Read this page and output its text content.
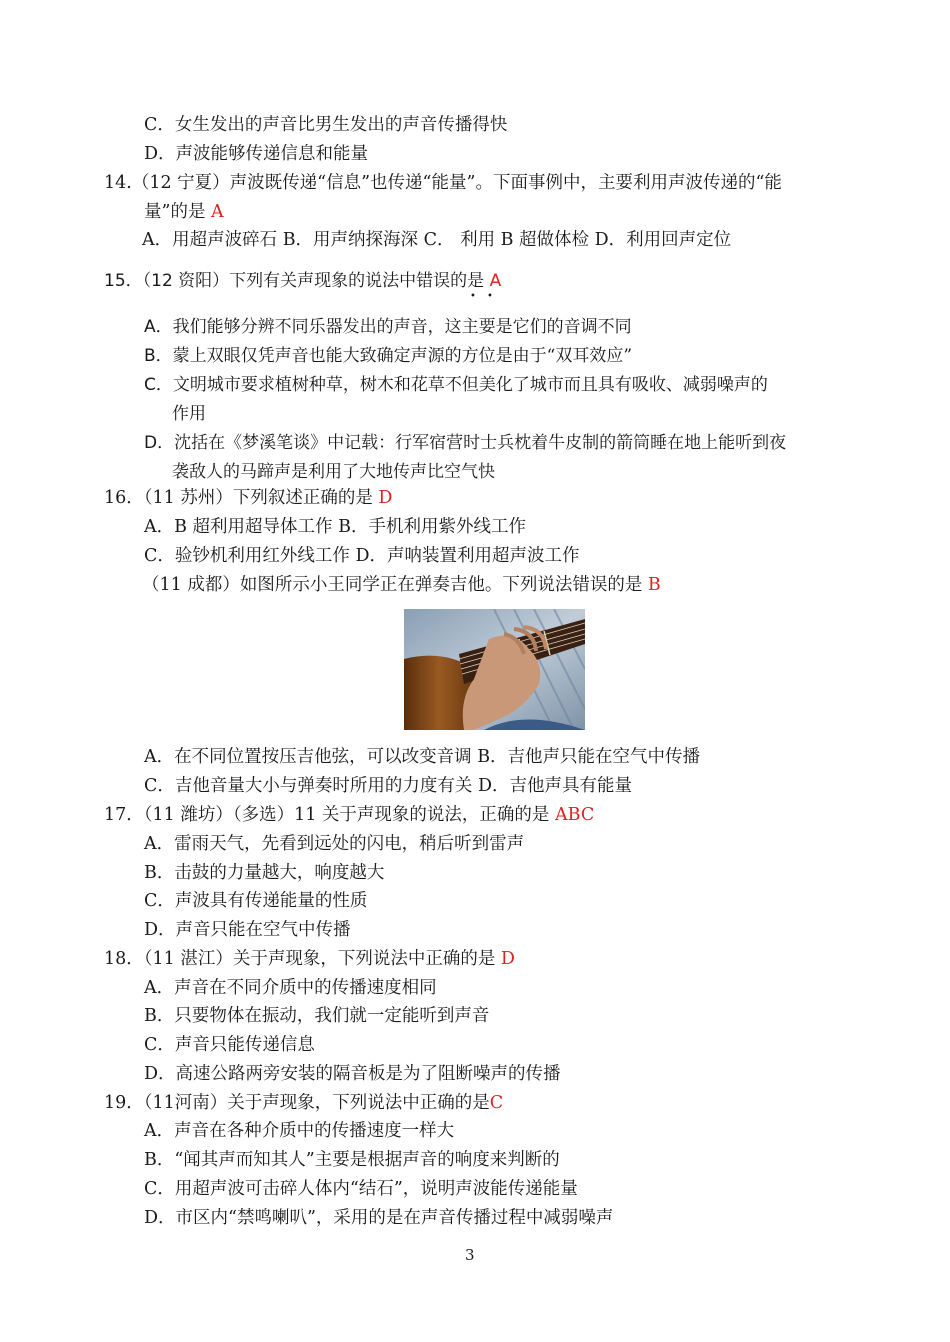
C．女生发出的声音比男生发出的声音传播得快
D．声波能够传递信息和能量
14.（12 宁夏）声波既传递“信息”也传递“能量”。下面事例中，主要利用声波传递的“能
量”的是 A
A．用超声波碎石 B．用声纳探海深 C． 利用 B 超做体检 D．利用回声定位
15．（12 资阳）下列有关声现象的说法中错误的是 A
• •
A．我们能够分辨不同乐器发出的声音，这主要是它们的音调不同
B．蒙上双眼仅凭声音也能大致确定声源的方位是由于“双耳效应”
C．文明城市要求植树种草，树木和花草不但美化了城市而且具有吸收、减弱噪声的
作用
D．沈括在《梦溪笔谈》中记载：行军宿营时士兵枕着牛皮制的箭筒睡在地上能听到夜
袭敌人的马蹄声是利用了大地传声比空气快
16．（11 苏州）下列叙述正确的是 D
A．B 超利用超导体工作 B．手机利用紫外线工作
C．验钞机利用红外线工作 D．声呐装置利用超声波工作
（11 成都）如图所示小王同学正在弹奏吉他。下列说法错误的是 B
A．在不同位置按压吉他弦，可以改变音调 B．吉他声只能在空气中传播
C．吉他音量大小与弹奏时所用的力度有关 D．吉他声具有能量
17．（11 潍坊）（多选）11 关于声现象的说法，正确的是 ABC
A．雷雨天气，先看到远处的闪电，稍后听到雷声
B．击鼓的力量越大，响度越大
C．声波具有传递能量的性质
D．声音只能在空气中传播
18．（11 湛江）关于声现象，下列说法中正确的是 D
A．声音在不同介质中的传播速度相同
B．只要物体在振动，我们就一定能听到声音
C．声音只能传递信息
D．高速公路两旁安装的隔音板是为了阻断噪声的传播
19．（11河南）关于声现象，下列说法中正确的是C
A．声音在各种介质中的传播速度一样大
B．“闻其声而知其人”主要是根据声音的响度来判断的
C．用超声波可击碎人体内“结石”，说明声波能传递能量
D．市区内“禁鸣喇叭”，采用的是在声音传播过程中减弱噪声
3
